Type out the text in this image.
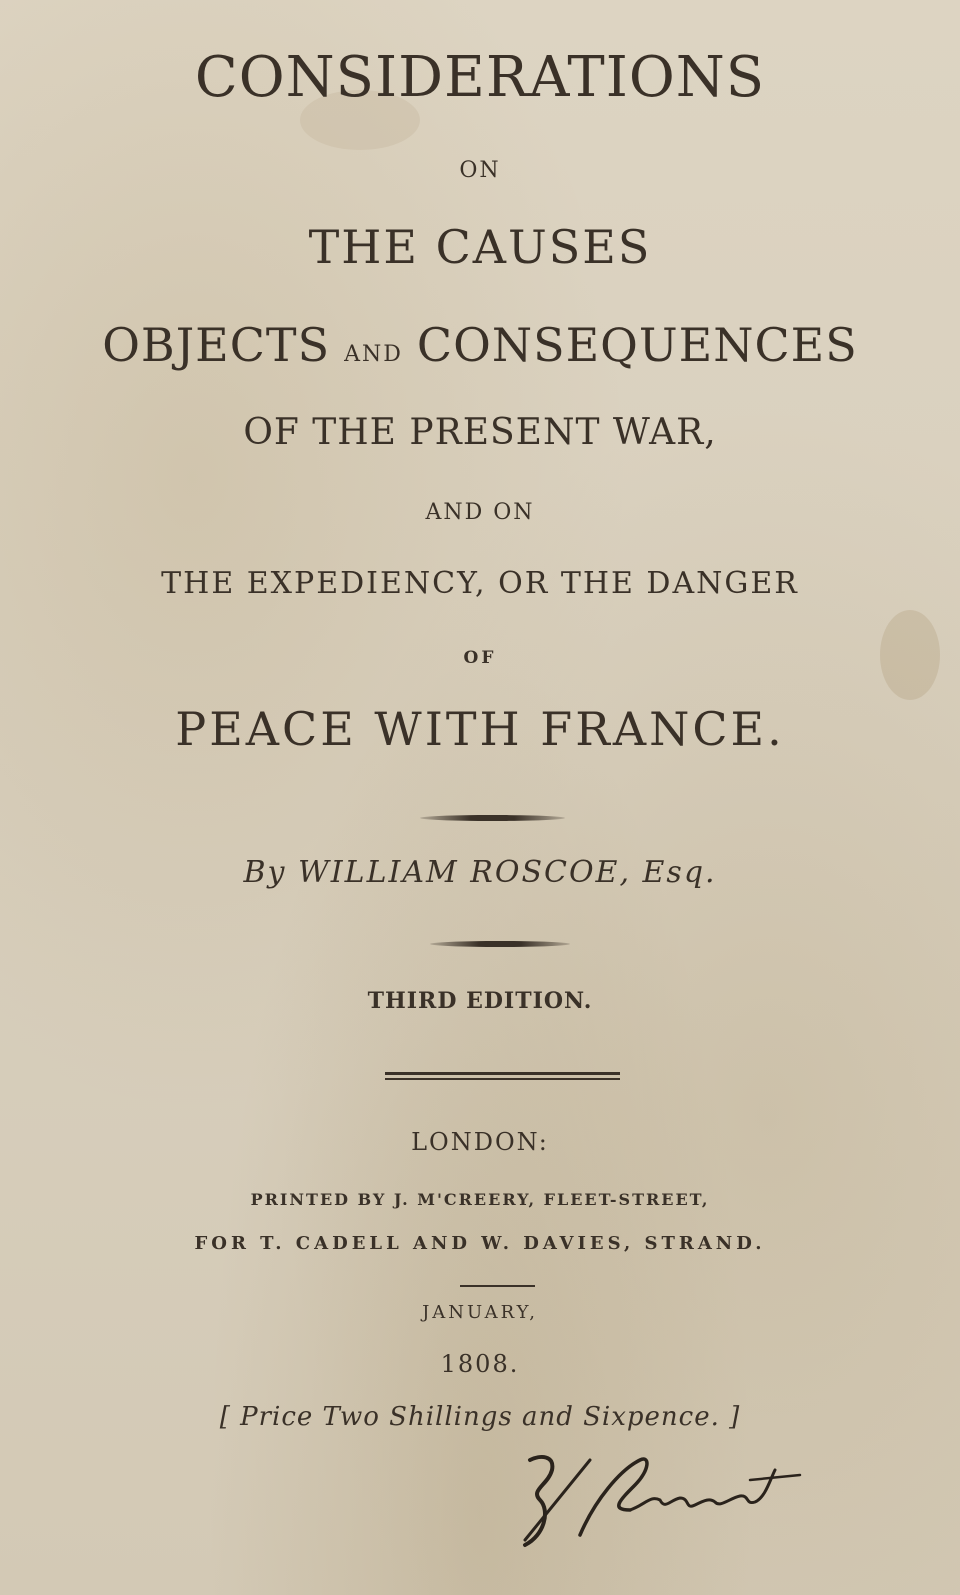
CONSIDERATIONS
ON
THE CAUSES
OBJECTS AND CONSEQUENCES
OF THE PRESENT WAR,
AND ON
THE EXPEDIENCY, OR THE DANGER
OF
PEACE WITH FRANCE.
By WILLIAM ROSCOE, Esq.
THIRD EDITION.
LONDON:
PRINTED BY J. M'CREERY, FLEET-STREET,
FOR T. CADELL AND W. DAVIES, STRAND.
JANUARY,
1808.
[ Price Two Shillings and Sixpence. ]
